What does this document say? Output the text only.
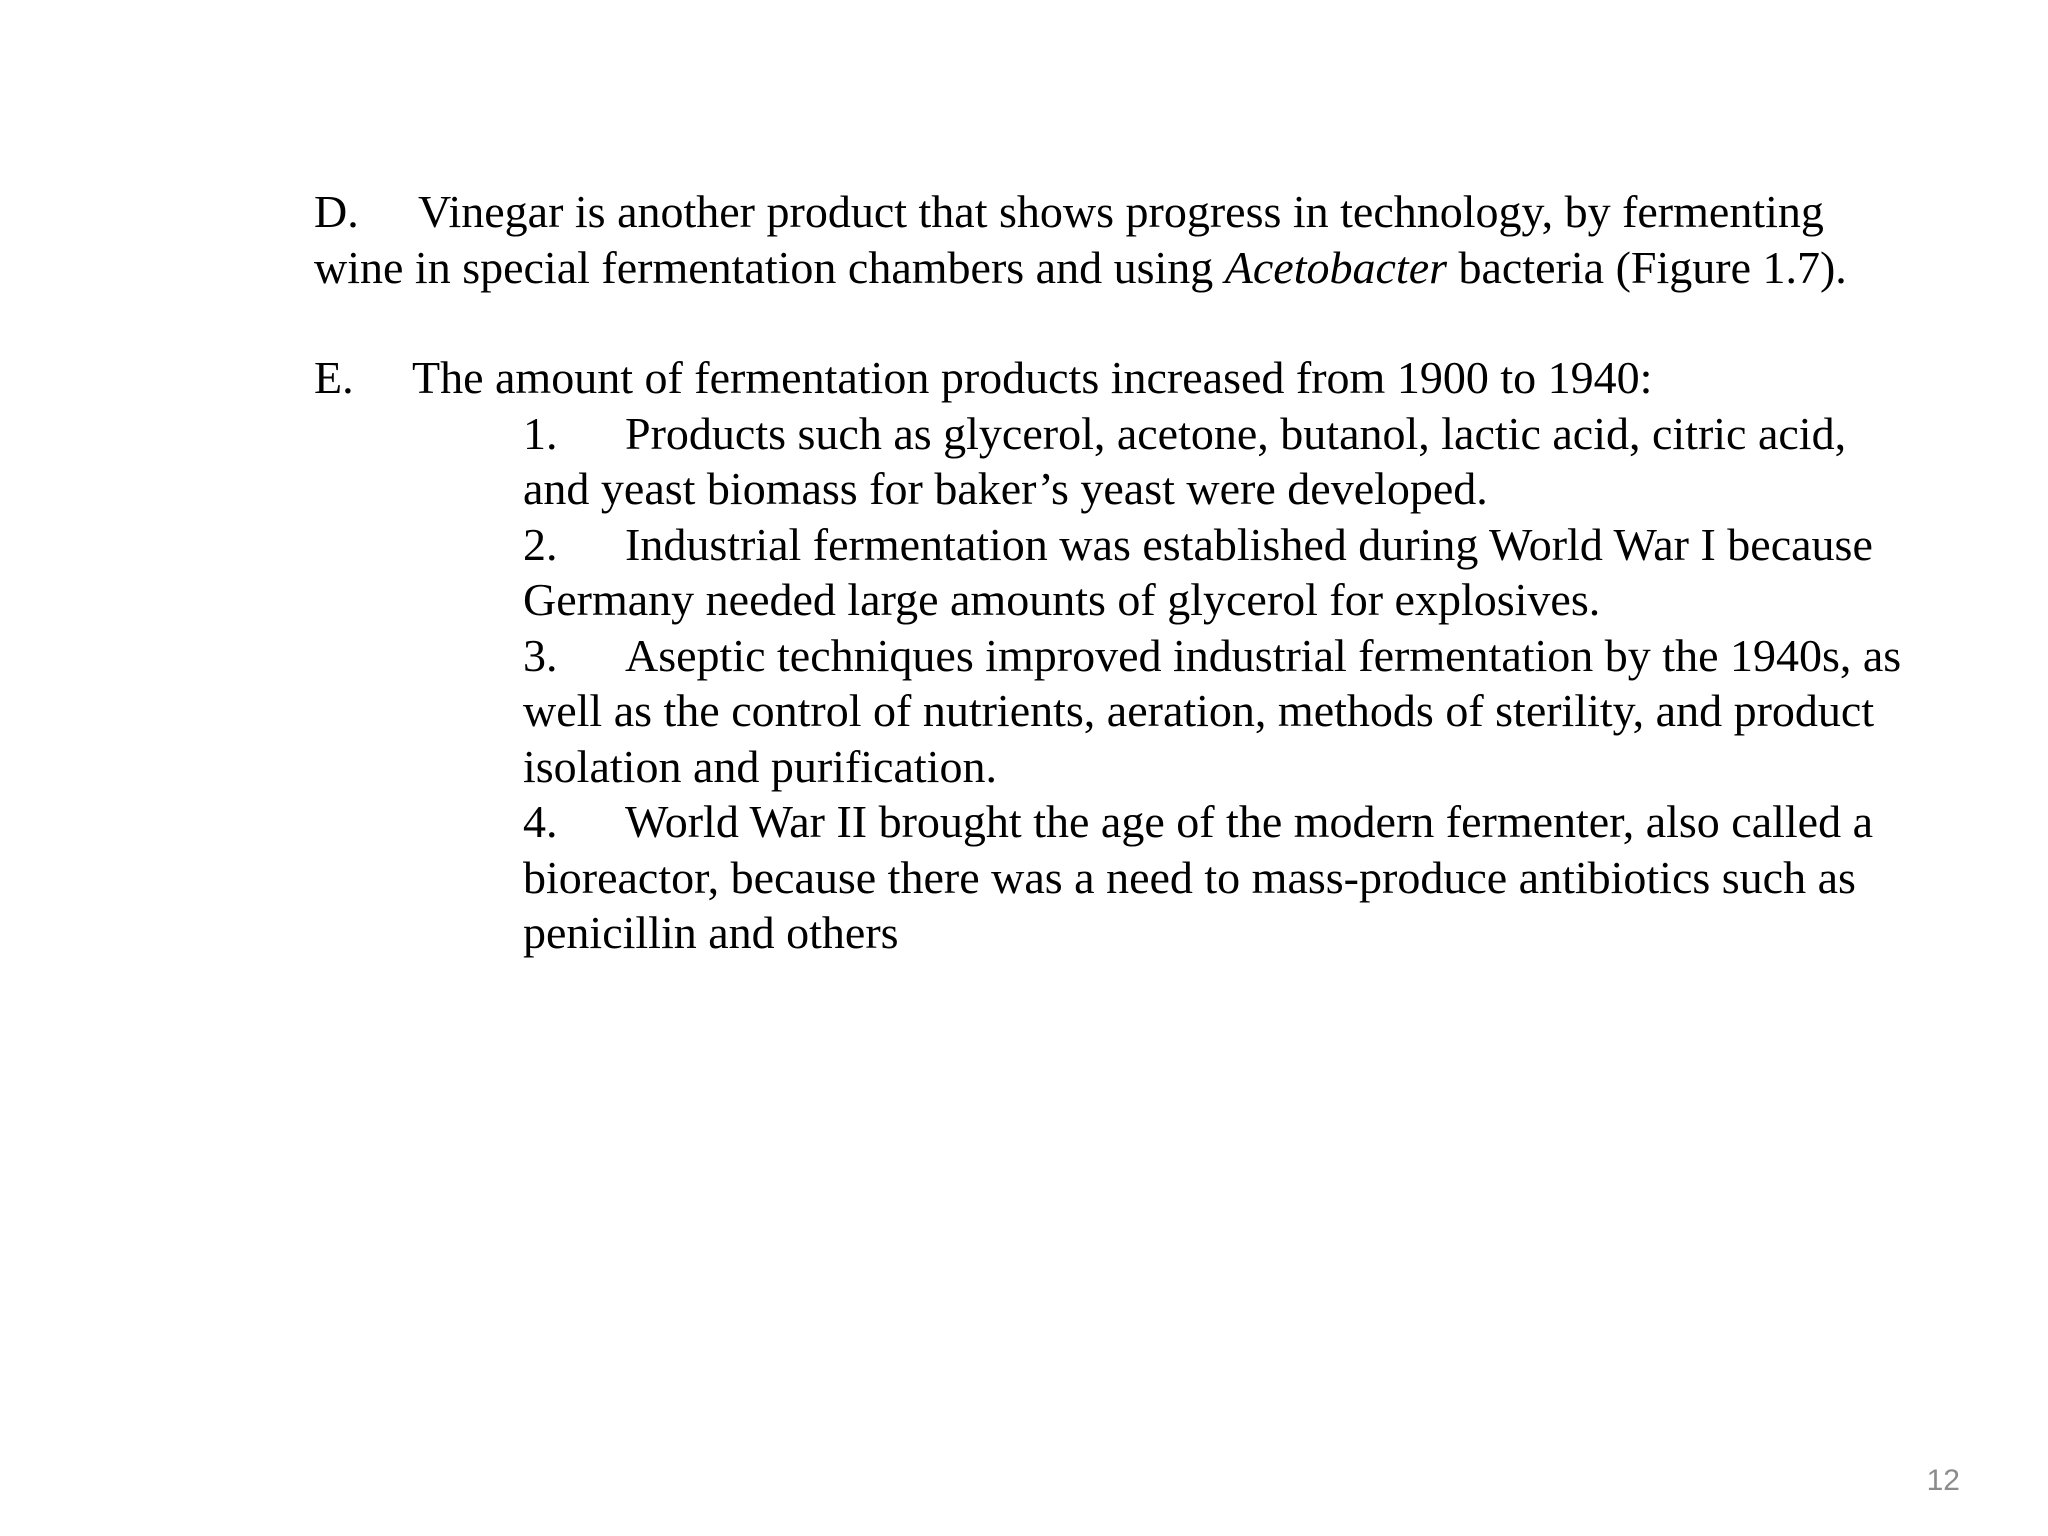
D. Vinegar is another product that shows progress in technology, by fermenting wine in special fermentation chambers and using Acetobacter bacteria (Figure 1.7).

E. The amount of fermentation products increased from 1900 to 1940:

1. Products such as glycerol, acetone, butanol, lactic acid, citric acid, and yeast biomass for baker’s yeast were developed.

2. Industrial fermentation was established during World War I because Germany needed large amounts of glycerol for explosives.

3. Aseptic techniques improved industrial fermentation by the 1940s, as well as the control of nutrients, aeration, methods of sterility, and product isolation and purification.

4. World War II brought the age of the modern fermenter, also called a bioreactor, because there was a need to mass-produce antibiotics such as penicillin and others

12
